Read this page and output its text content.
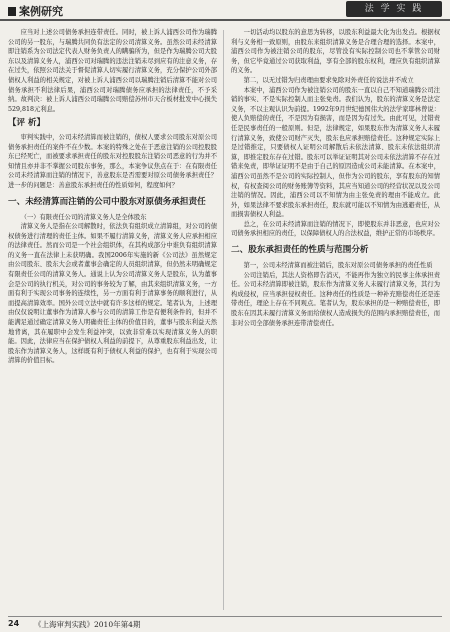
案例研究	法 学 实 践

应当对上述公司债务承担连带责任。同时，被上诉人浦西公司作为瑞腾公司的另一股东，与瑞腾共同负有法定的公司清算义务。虽然公司未经清算即注销系为公司法定代表人财务负责人的瞒骗所为，但是作为瑞腾公司大股东以及清算义务人，浦西公司对瑞腾的违法注销未尽到应有的注意义务，存在过失，依照公司法关于督促清算人切实履行清算义务，充分保护公司外部债权人利益的相关规定，对被上诉人浦西公司以瑞腾注销后清算不能对公司债务承担不利法律后果，浦西公司对瑞腾债务应承担的法律责任，不予采纳。故判决：被上诉人浦西公司瑞腾公司赔偿苏州市天合板材批发中心损失529,818元利息。

【评 析】

审判实践中，公司未经清算而被注销的，债权人要求公司股东对原公司债务承担责任的案件不在少数。本案的特殊之处在于恶意注销的公司控股股东已经死亡，而被要求承担责任的股东对控股股东注销公司恶意的行为并不知情且亦并非不掌握公司股东事务，那么，本案争议焦点在于：在有限责任公司未经清算而注销的情况下，善意股东是否需要对原公司债务承担责任？进一步的问题是：善意股东承担责任的性质如何，程度如何？

一、未经清算而注销的公司中股东对原债务承担责任

（一）有限责任公司的清算义务人是全体股东

清算义务人是指在公司解散时，依法负有组织成立清算组，对公司的债权债务进行清理的责任主体。如果不履行清算义务，清算义务人应承担相应的法律责任。然而公司是一个社会组织体，在其构成部分中谁负有组织清算的义务一直在法律上未获明确。我国2006年实施的新《公司法》虽然规定由公司股东、股东大会或者董事会确定的人员组织清算，但仍然未明确规定有限责任公司的清算义务人。通说上认为公司清算义务人是股东，认为董事会是公司的执行机关，对公司的事务较为了解，由其来组织清算义务，一方面有利于实现公司事务的连续性，另一方面有利于清算事务的顺利进行，从而提高清算效率。国外公司立法中就有许多这样的规定。笔者认为，上述理由仅仅说明让董事作为清算人参与公司的清算工作是有便利条件的，但并不能满足通过确定清算义务人明确责任主体的价值目的，董事与股东利益天然地背离，其在履职中会发生利益冲突，以致非常难以实现清算义务人的职能。因此，法律应当在保护债权人利益的前提下，从尊重股东利益出发，让股东作为清算义务人，这样既有利于债权人利益的保护，也有利于实现公司清算的价值目标。

一切活动均以股东的意思为转移，以股东利益最大化为出发点。根据权利与义务相一致原则，由股东来组织清算义务是合理合理的选择。本案中，浦西公司作为被注销公司的股东，尽管没有实际控制公司也不掌管公司财务，但它毕竟通过公司获取利益，享有全部的股东权利，理应负有组织清算的义务。

第二，以无过错为归责理由要求免除对外责任的说法并不成立

本案中，浦西公司作为被注销公司的股东一直以自己不知道瑞腾公司注销的事实、不是实际控制人而主张免责。我们认为，股东的清算义务是法定义务，不以主观认识为前提。1992年9月世纪德国伟大的法学家耶林曾说：使人负赔偿的责任，不是因为有损害，而是因为有过失。由此可见，过错责任是民事责任的一般原则。但是，法律规定，如果股东作为清算义务人未履行清算义务，致使公司财产灭失，股东也应承担赔偿责任。这种规定实际上是过错推定，只要债权人证明公司解散后未依法清算、股东未依法组织清算，即推定股东存在过错。股东可以举证证明其对公司未依法清算不存在过错来免责，即举证证明不是由于自己的原因造成公司未能清算。在本案中，浦西公司虽然不是公司的实际控制人，但作为公司的股东，享有股东的知情权，有权查阅公司的财务账簿等资料，其应当知道公司的经营状况以及公司注销的情况。因此，浦西公司以不知情为由主张免责的理由不能成立。此外，如果法律不要求股东承担责任，股东就可能以不知情为由逃避责任，从而损害债权人利益。

总之，在公司未经清算而注销的情况下，即使股东并非恶意，也应对公司债务承担相应的责任，以保障债权人的合法权益，维护正常的市场秩序。

二、股东承担责任的性质与范围分析

第一，公司未经清算而被注销后，股东对原公司债务承担的责任性质

公司注销后，其法人资格即告消灭，不能再作为独立的民事主体承担责任。公司未经清算即被注销，股东作为清算义务人未履行清算义务，其行为构成侵权，应当承担侵权责任。这种责任的性质是一种补充赔偿责任还是连带责任，理论上存在不同观点。笔者认为，股东承担的是一种赔偿责任，即股东在因其未履行清算义务而给债权人造成损失的范围内承担赔偿责任，而非对公司全部债务承担连带清偿责任。

24 《上海审判实践》2010年第4期
